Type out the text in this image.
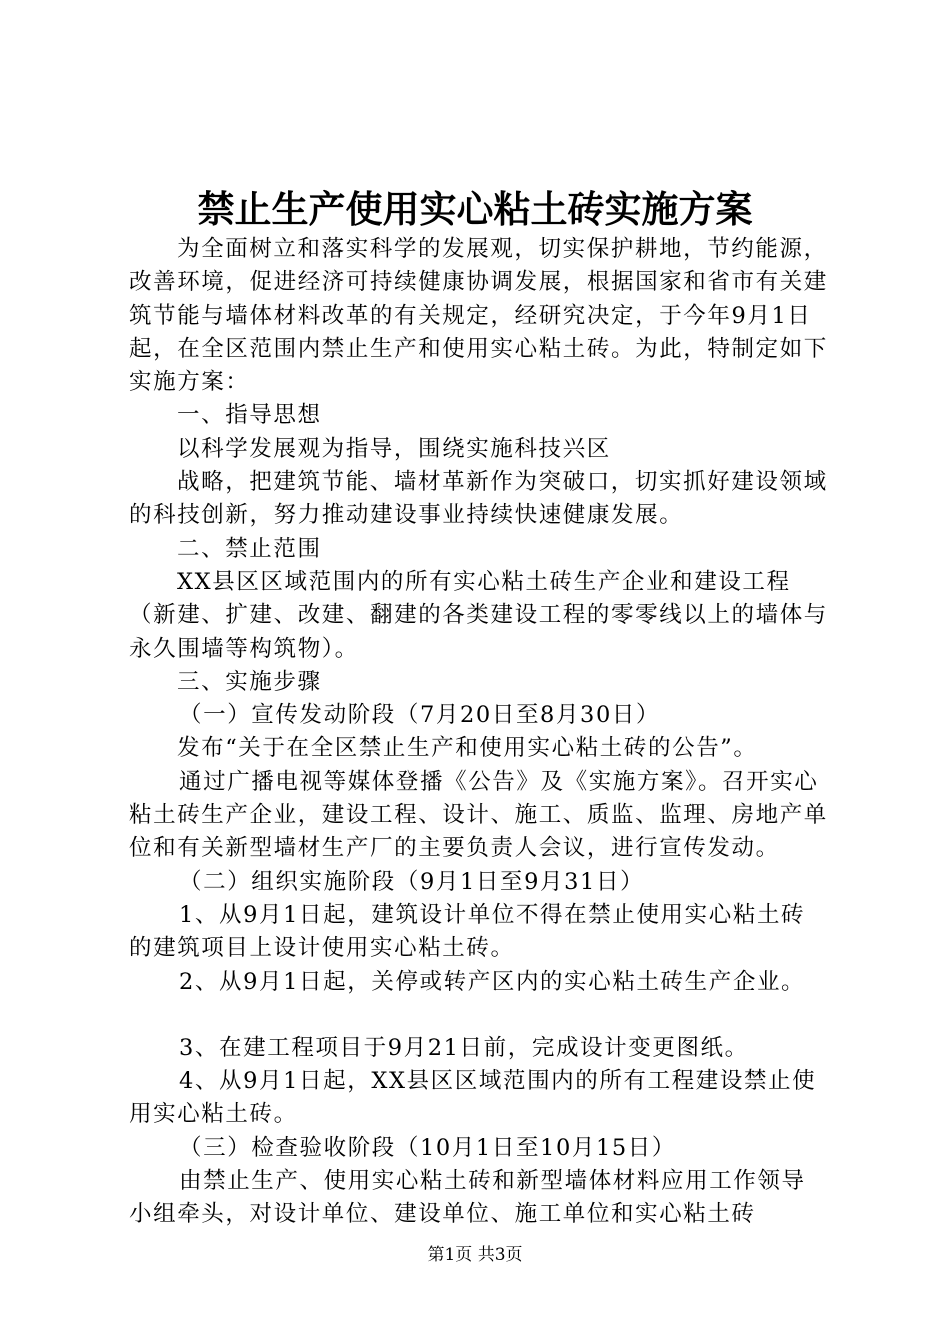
禁止生产使用实心粘土砖实施方案

为全面树立和落实科学的发展观，切实保护耕地，节约能源，改善环境，促进经济可持续健康协调发展，根据国家和省市有关建筑节能与墙体材料改革的有关规定，经研究决定，于今年9月1日起，在全区范围内禁止生产和使用实心粘土砖。为此，特制定如下实施方案：

一、指导思想

以科学发展观为指导，围绕实施科技兴区

战略，把建筑节能、墙材革新作为突破口，切实抓好建设领域的科技创新，努力推动建设事业持续快速健康发展。

二、禁止范围

XX县区区域范围内的所有实心粘土砖生产企业和建设工程（新建、扩建、改建、翻建的各类建设工程的零零线以上的墙体与永久围墙等构筑物）。

三、实施步骤

（一）宣传发动阶段（7月20日至8月30日）

发布“关于在全区禁止生产和使用实心粘土砖的公告”。

通过广播电视等媒体登播《公告》及《实施方案》。召开实心粘土砖生产企业，建设工程、设计、施工、质监、监理、房地产单位和有关新型墙材生产厂的主要负责人会议，进行宣传发动。

（二）组织实施阶段（9月1日至9月31日）

1、从9月1日起，建筑设计单位不得在禁止使用实心粘土砖的建筑项目上设计使用实心粘土砖。

2、从9月1日起，关停或转产区内的实心粘土砖生产企业。

3、在建工程项目于9月21日前，完成设计变更图纸。

4、从9月1日起，XX县区区域范围内的所有工程建设禁止使用实心粘土砖。

（三）检查验收阶段（10月1日至10月15日）

由禁止生产、使用实心粘土砖和新型墙体材料应用工作领导小组牵头，对设计单位、建设单位、施工单位和实心粘土砖

第1页 共3页
